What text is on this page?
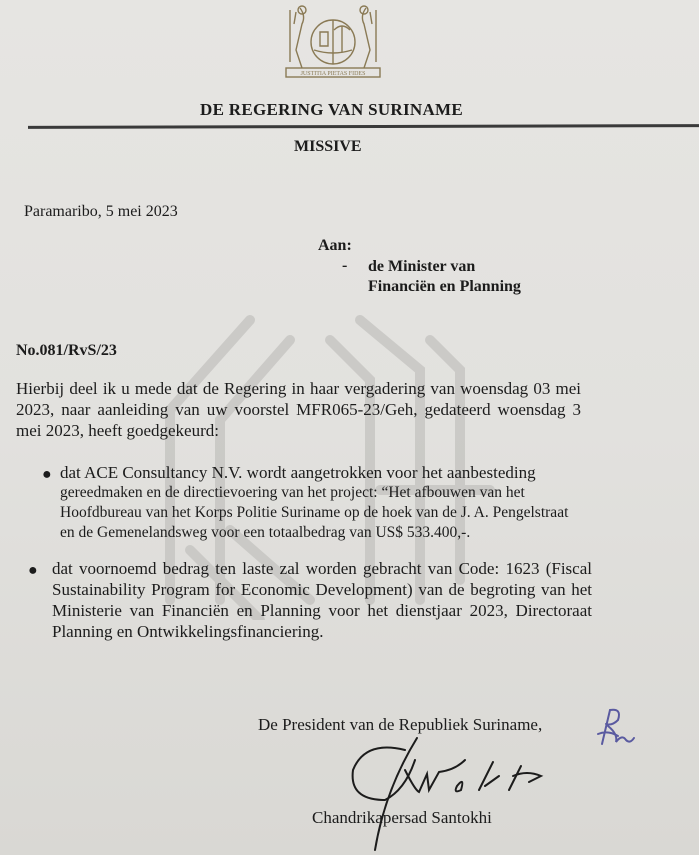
JUSTITIA PIETAS FIDES
DE REGERING VAN SURINAME
MISSIVE
Paramaribo, 5 mei 2023
Aan:
- de Minister van
Financiën en Planning
No.081/RvS/23
Hierbij deel ik u mede dat de Regering in haar vergadering van woensdag 03 mei 2023, naar aanleiding van uw voorstel MFR065-23/Geh, gedateerd woensdag 3 mei 2023, heeft goedgekeurd:
● dat ACE Consultancy N.V. wordt aangetrokken voor het aanbesteding
gereedmaken en de directievoering van het project: “Het afbouwen van het Hoofdbureau van het Korps Politie Suriname op de hoek van de J. A. Pengelstraat en de Gemenelandsweg voor een totaalbedrag van US$ 533.400,-.
● dat voornoemd bedrag ten laste zal worden gebracht van Code: 1623 (Fiscal Sustainability Program for Economic Development) van de begroting van het Ministerie van Financiën en Planning voor het dienstjaar 2023, Directoraat Planning en Ontwikkelingsfinanciering.
De President van de Republiek Suriname,
Chandrikapersad Santokhi
